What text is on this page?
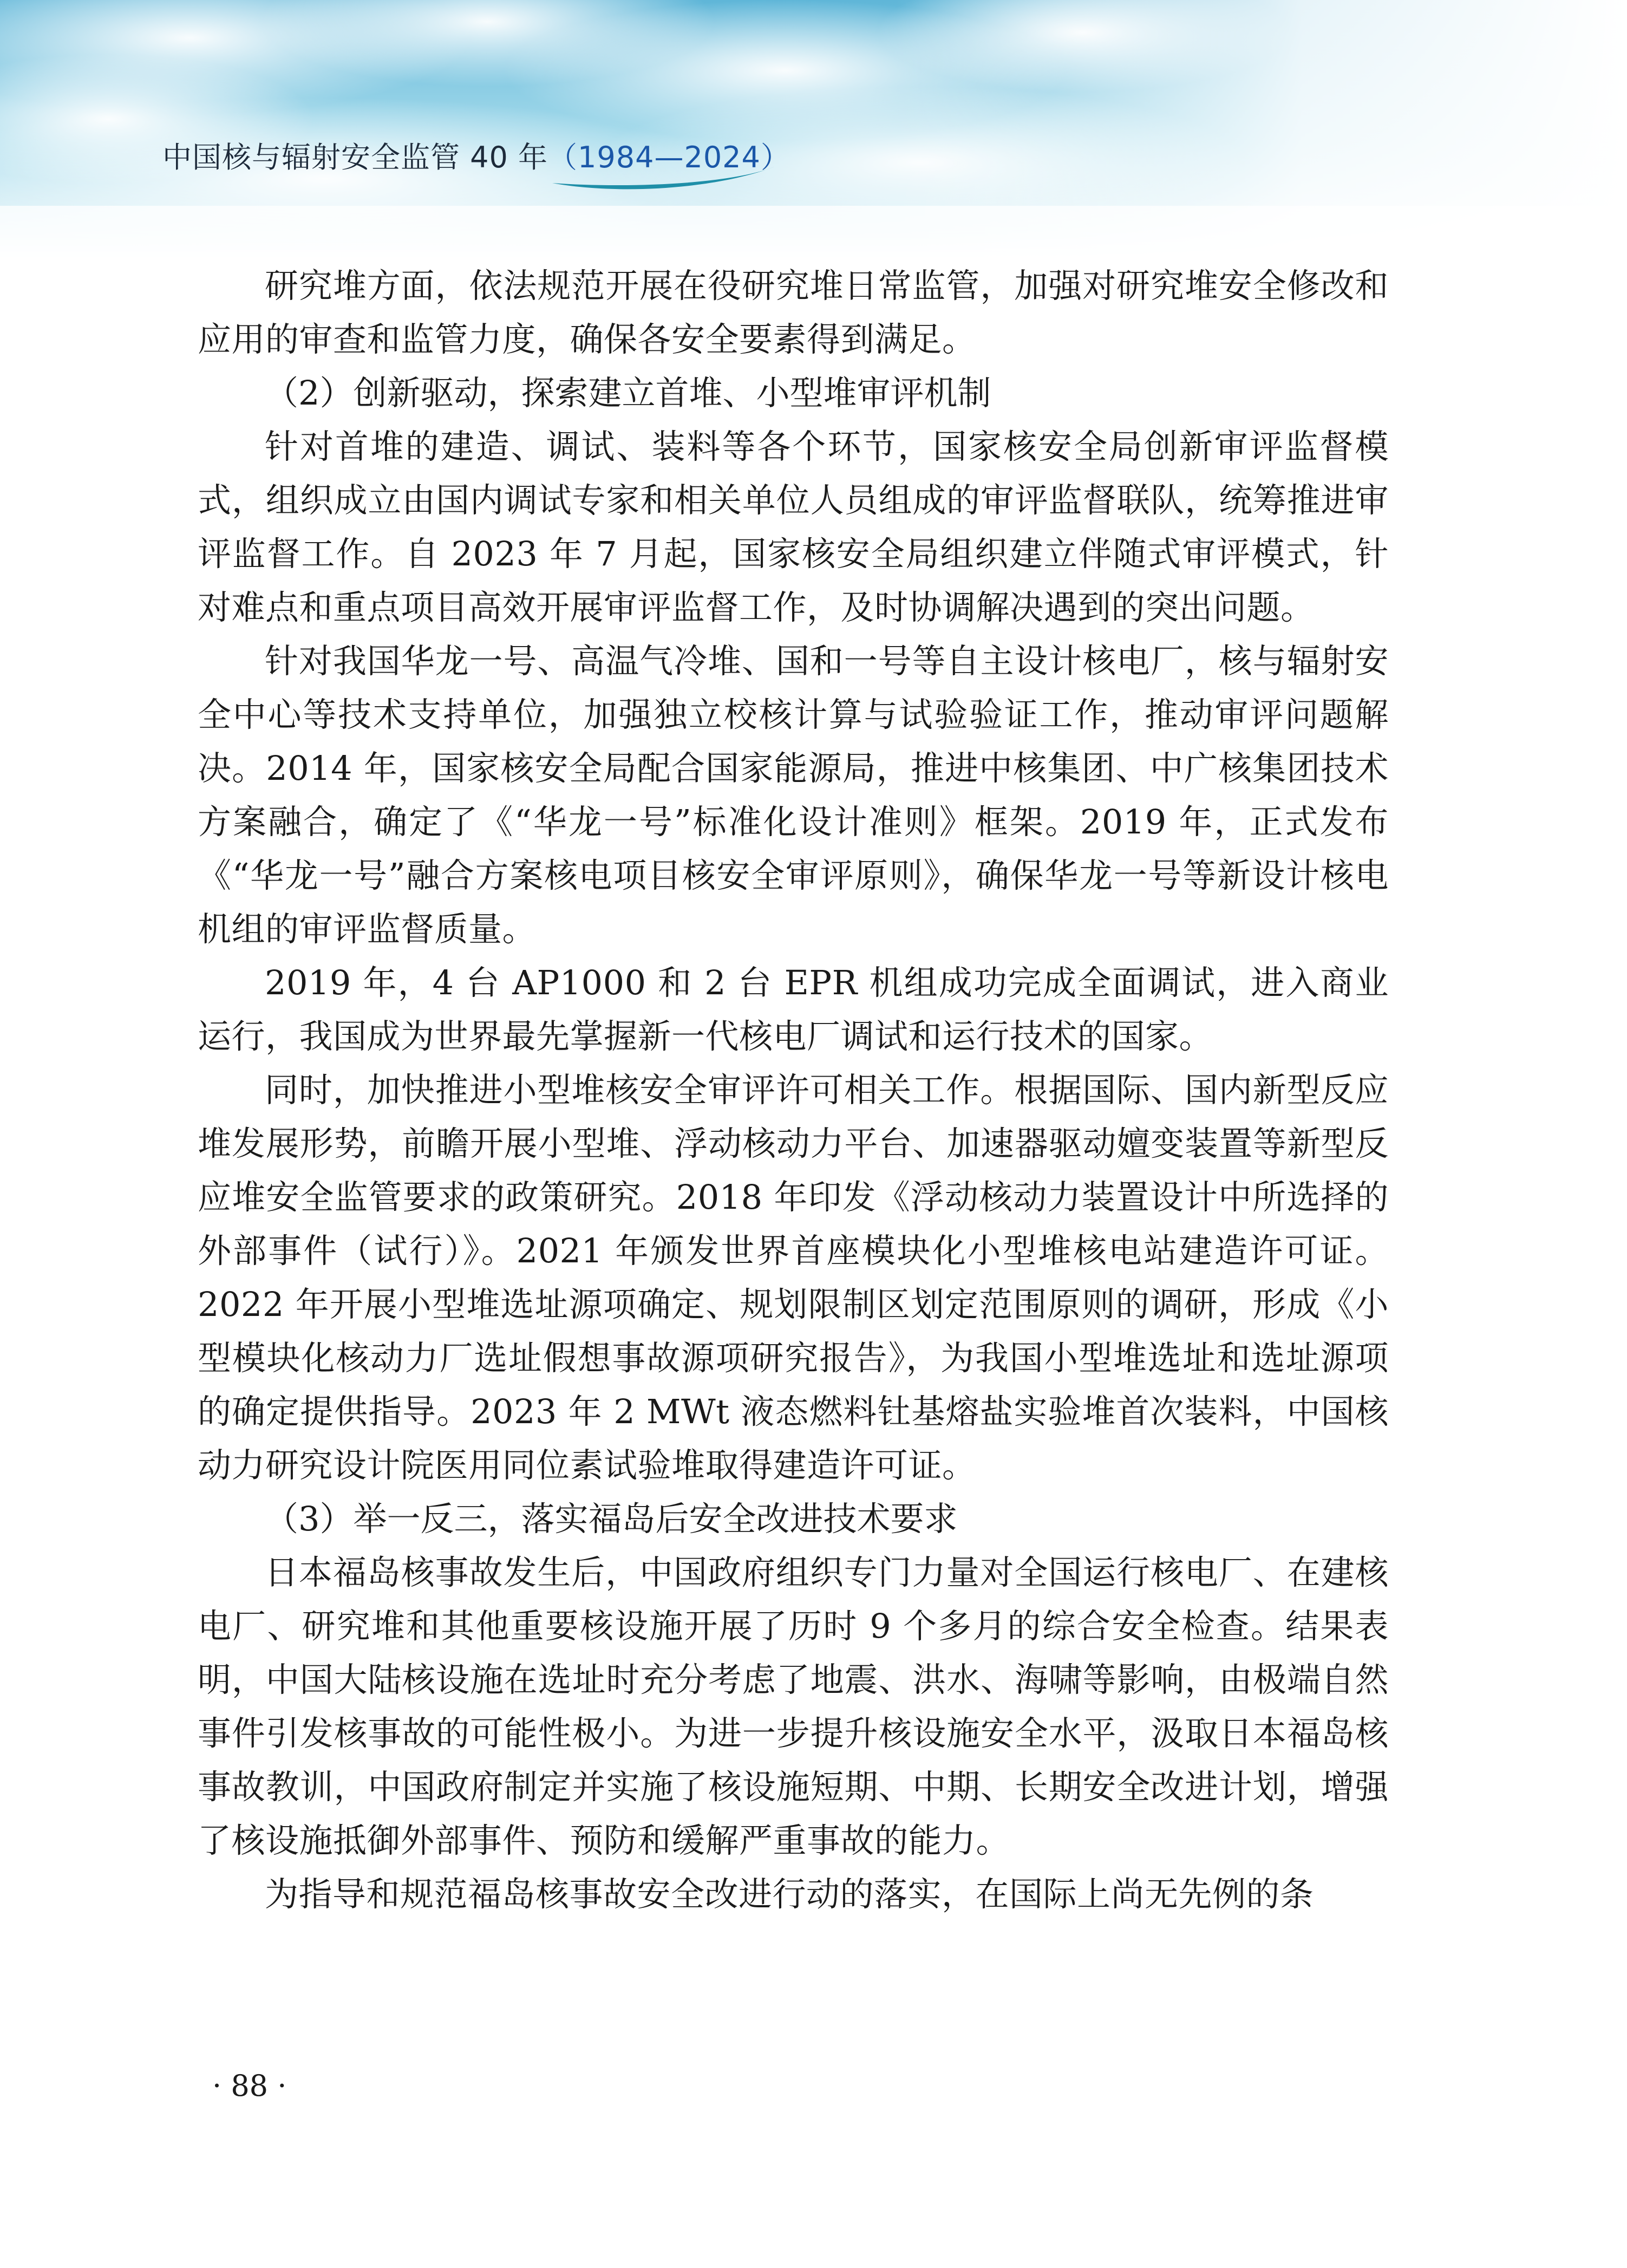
中国核与辐射安全监管 40 年（1984—2024）

研究堆方面，依法规范开展在役研究堆日常监管，加强对研究堆安全修改和应用的审查和监管力度，确保各安全要素得到满足。

（2）创新驱动，探索建立首堆、小型堆审评机制

针对首堆的建造、调试、装料等各个环节，国家核安全局创新审评监督模式，组织成立由国内调试专家和相关单位人员组成的审评监督联队，统筹推进审评监督工作。自 2023 年 7 月起，国家核安全局组织建立伴随式审评模式，针对难点和重点项目高效开展审评监督工作，及时协调解决遇到的突出问题。

针对我国华龙一号、高温气冷堆、国和一号等自主设计核电厂，核与辐射安全中心等技术支持单位，加强独立校核计算与试验验证工作，推动审评问题解决。2014 年，国家核安全局配合国家能源局，推进中核集团、中广核集团技术方案融合，确定了《“华龙一号”标准化设计准则》框架。2019 年，正式发布《“华龙一号”融合方案核电项目核安全审评原则》，确保华龙一号等新设计核电机组的审评监督质量。

2019 年，4 台 AP1000 和 2 台 EPR 机组成功完成全面调试，进入商业运行，我国成为世界最先掌握新一代核电厂调试和运行技术的国家。

同时，加快推进小型堆核安全审评许可相关工作。根据国际、国内新型反应堆发展形势，前瞻开展小型堆、浮动核动力平台、加速器驱动嬗变装置等新型反应堆安全监管要求的政策研究。2018 年印发《浮动核动力装置设计中所选择的外部事件（试行）》。2021 年颁发世界首座模块化小型堆核电站建造许可证。2022 年开展小型堆选址源项确定、规划限制区划定范围原则的调研，形成《小型模块化核动力厂选址假想事故源项研究报告》，为我国小型堆选址和选址源项的确定提供指导。2023 年 2 MWt 液态燃料钍基熔盐实验堆首次装料，中国核动力研究设计院医用同位素试验堆取得建造许可证。

（3）举一反三，落实福岛后安全改进技术要求

日本福岛核事故发生后，中国政府组织专门力量对全国运行核电厂、在建核电厂、研究堆和其他重要核设施开展了历时 9 个多月的综合安全检查。结果表明，中国大陆核设施在选址时充分考虑了地震、洪水、海啸等影响，由极端自然事件引发核事故的可能性极小。为进一步提升核设施安全水平，汲取日本福岛核事故教训，中国政府制定并实施了核设施短期、中期、长期安全改进计划，增强了核设施抵御外部事件、预防和缓解严重事故的能力。

为指导和规范福岛核事故安全改进行动的落实，在国际上尚无先例的条

· 88 ·
